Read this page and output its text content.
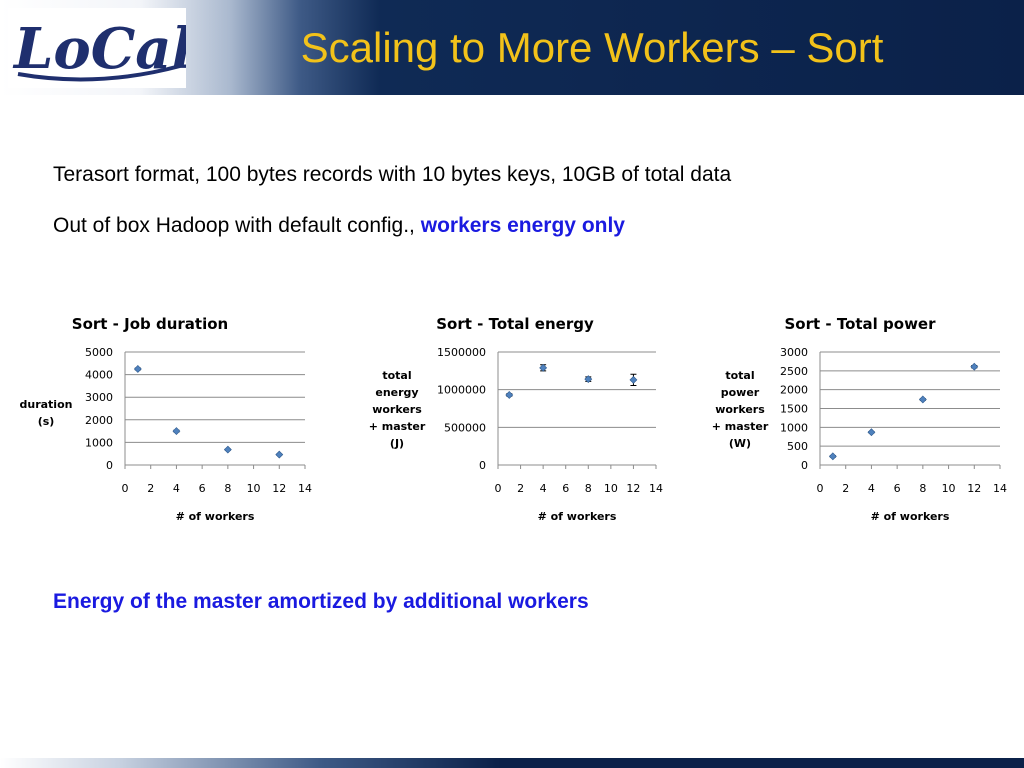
LoCal	Scaling to More Workers – Sort
Terasort format, 100 bytes records with 10 bytes keys, 10GB of total data
Out of box Hadoop with default config., workers energy only
Sort - Job duration
0
1000
2000
3000
4000
5000
0 2 4 6 8 10 12 14
# of workers
duration
(s)
Sort - Total energy
0
500000
1000000
1500000
0 2 4 6 8 10 12 14
# of workers
total
energy
workers
+ master
(J)
Sort - Total power
0
500
1000
1500
2000
2500
3000
0 2 4 6 8 10 12 14
# of workers
total
power
workers
+ master
(W)
Energy of the master amortized by additional workers
